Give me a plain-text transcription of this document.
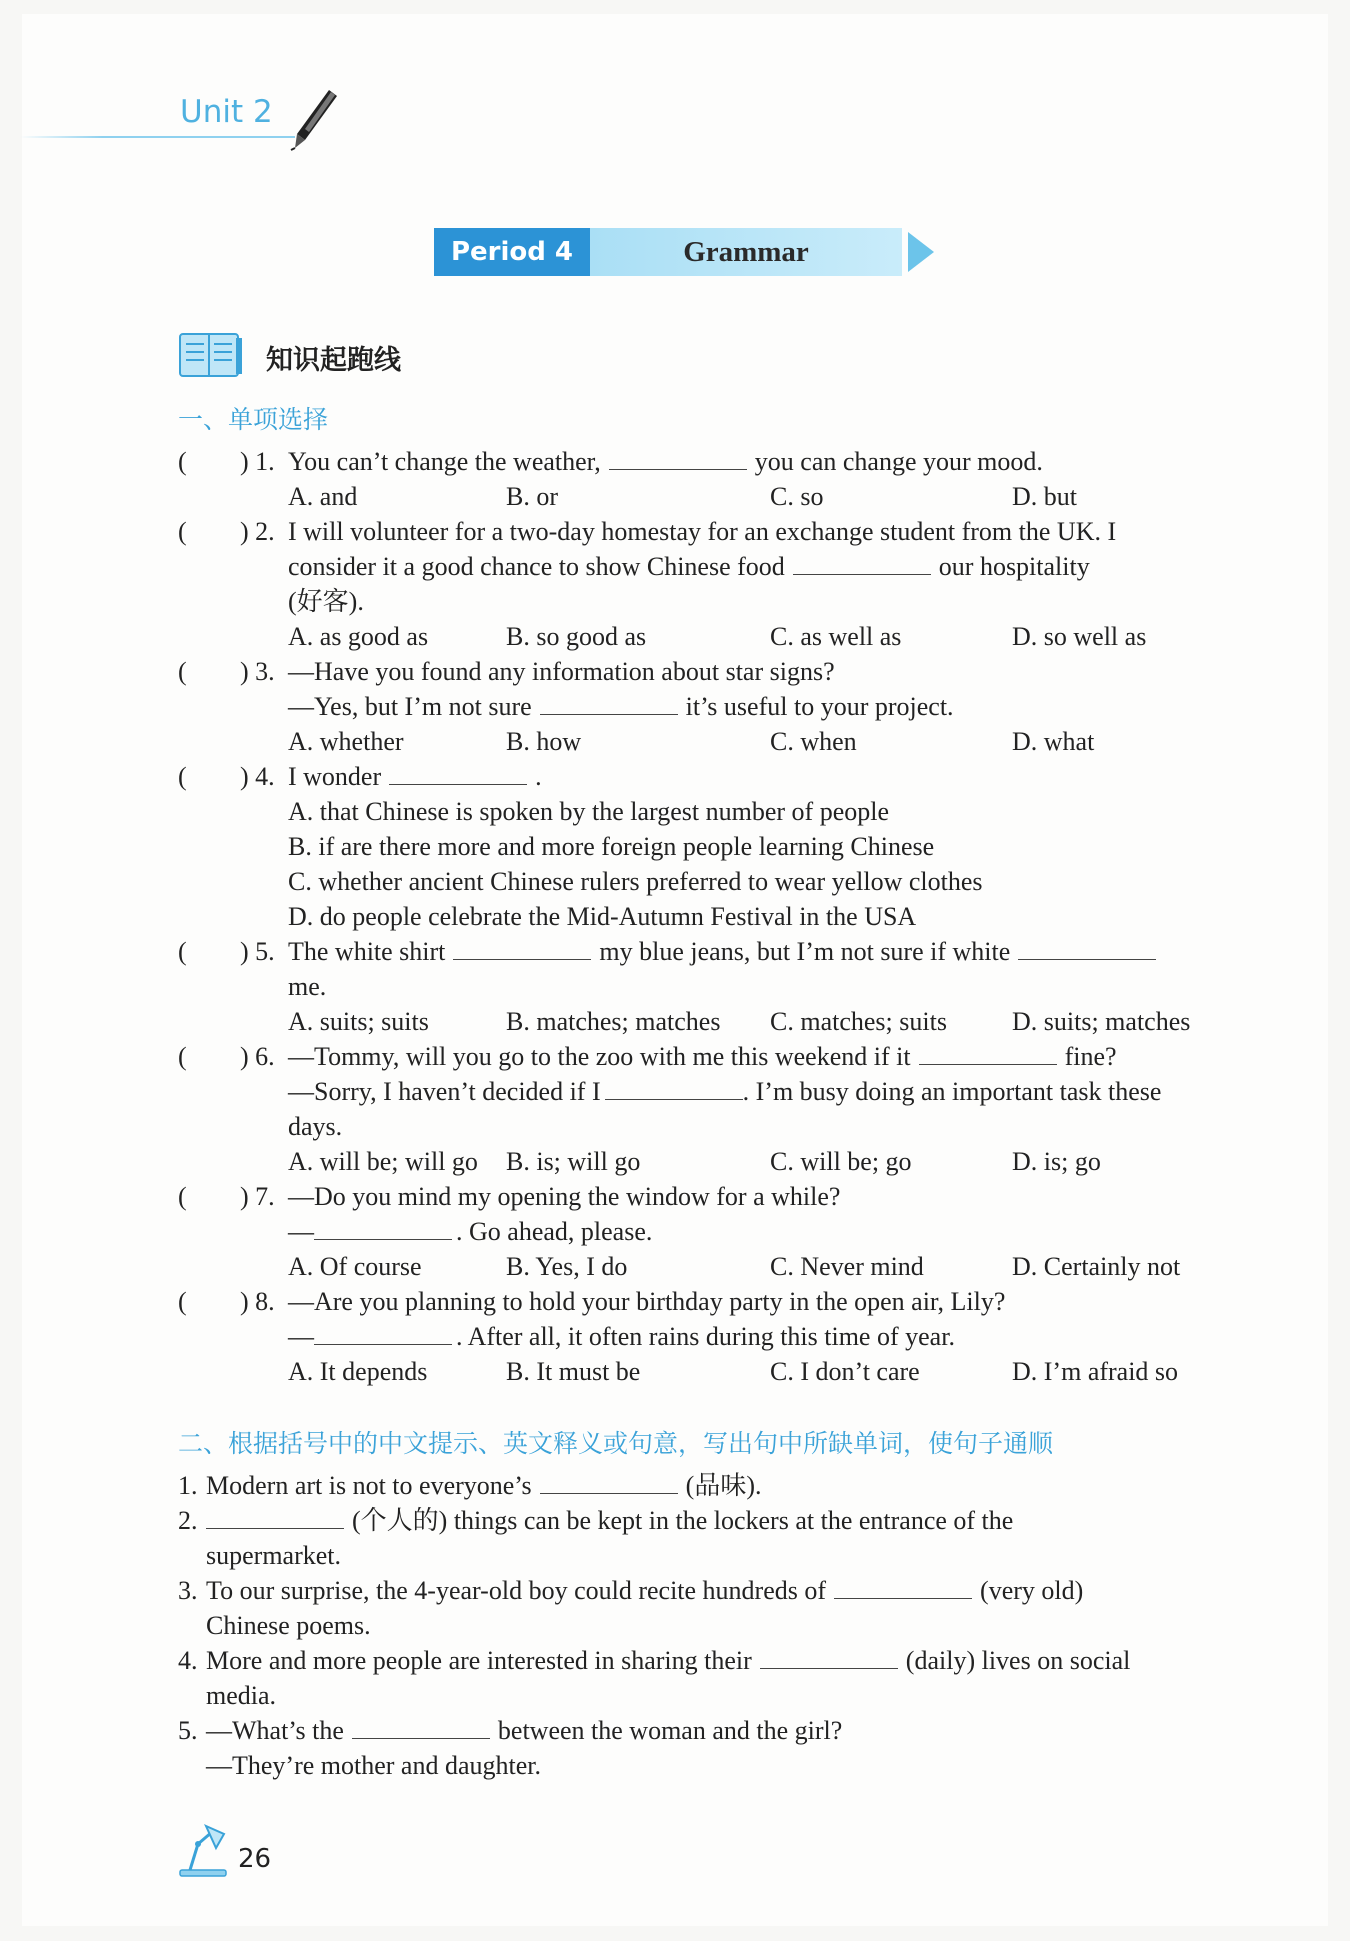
Unit 2
Period 4	Grammar
知识起跑线
一、单项选择
( ) 1. You can’t change the weather,	you can change your mood.
A. and	B. or	C. so	D. but
( ) 2. I will volunteer for a two-day homestay for an exchange student from the UK. I
consider it a good chance to show Chinese food	our hospitality
(好客).
A. as good as	B. so good as	C. as well as	D. so well as
( ) 3. —Have you found any information about star signs?
—Yes, but I’m not sure	it’s useful to your project.
A. whether	B. how	C. when	D. what
( ) 4. I wonder	.
A. that Chinese is spoken by the largest number of people
B. if are there more and more foreign people learning Chinese
C. whether ancient Chinese rulers preferred to wear yellow clothes
D. do people celebrate the Mid-Autumn Festival in the USA
( ) 5. The white shirt	my blue jeans, but I’m not sure if white
me.
A. suits; suits	B. matches; matches C. matches; suits	D. suits; matches
( ) 6. —Tommy, will you go to the zoo with me this weekend if it	fine?
—Sorry, I haven’t decided if I	. I’m busy doing an important task these
days.
A. will be; will go B. is; will go	C. will be; go	D. is; go
( ) 7. —Do you mind my opening the window for a while?
—	. Go ahead, please.
A. Of course	B. Yes, I do	C. Never mind	D. Certainly not
( ) 8. —Are you planning to hold your birthday party in the open air, Lily?
—	. After all, it often rains during this time of year.
A. It depends	B. It must be	C. I don’t care	D. I’m afraid so
二、根据括号中的中文提示、英文释义或句意，写出句中所缺单词，使句子通顺
1. Modern art is not to everyone’s	(品味).
2.	(个人的) things can be kept in the lockers at the entrance of the
supermarket.
3. To our surprise, the 4-year-old boy could recite hundreds of	(very old)
Chinese poems.
4. More and more people are interested in sharing their	(daily) lives on social
media.
5. —What’s the	between the woman and the girl?
—They’re mother and daughter.
26
